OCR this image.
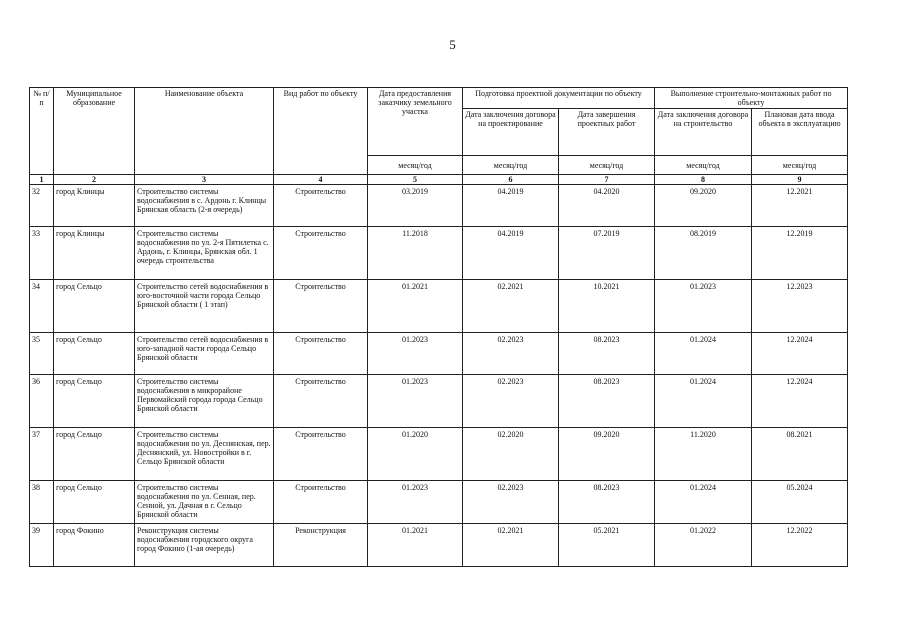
5
№ п/п	Муниципальное образование	Наименование объекта	Вид работ по объекту	Дата предоставления заказчику земельного участка	Подготовка проектной документации по объекту		Выполнение строительно-монтажных работ по объекту	
					Дата заключения договора на проектирование	Дата завершения проектных работ	Дата заключения договора на строительство	Плановая дата ввода объекта в эксплуатацию
				месяц/год	месяц/год	месяц/год	месяц/год	месяц/год
1	2	3	4	5	6	7	8	9
32	город Клинцы	Строительство системы водоснабжения в с. Ардонь г. Клинцы Брянская область (2-я очередь)	Строительство	03.2019	04.2019	04.2020	09.2020	12.2021
33	город Клинцы	Строительство системы водоснабжения по ул. 2-я Пятилетка с. Ардонь, г. Клинцы, Брянская обл. 1 очередь строительства	Строительство	11.2018	04.2019	07.2019	08.2019	12.2019
34	город Сельцо	Строительство сетей водоснабжения в юго-восточной части города Сельцо Брянской области ( 1 этап)	Строительство	01.2021	02.2021	10.2021	01.2023	12.2023
35	город Сельцо	Строительство сетей водоснабжения в юго-западной части города Сельцо Брянской области	Строительство	01.2023	02.2023	08.2023	01.2024	12.2024
36	город Сельцо	Строительство системы водоснабжения в микрорайоне Первомайский города города Сельцо Брянской области	Строительство	01.2023	02.2023	08.2023	01.2024	12.2024
37	город Сельцо	Строительство системы водоснабжения по ул. Деснянская, пер. Деснянский, ул. Новостройки в г. Сельцо Брянской области	Строительство	01.2020	02.2020	09.2020	11.2020	08.2021
38	город Сельцо	Строительство системы водоснабжения по ул. Сенная, пер. Сенной, ул. Дачная в г. Сельцо Брянской области	Строительство	01.2023	02.2023	08.2023	01.2024	05.2024
39	город Фокино	Реконструкция системы водоснабжения городского округа город Фокино (1-ая очередь)	Реконструкция	01.2021	02.2021	05.2021	01.2022	12.2022
